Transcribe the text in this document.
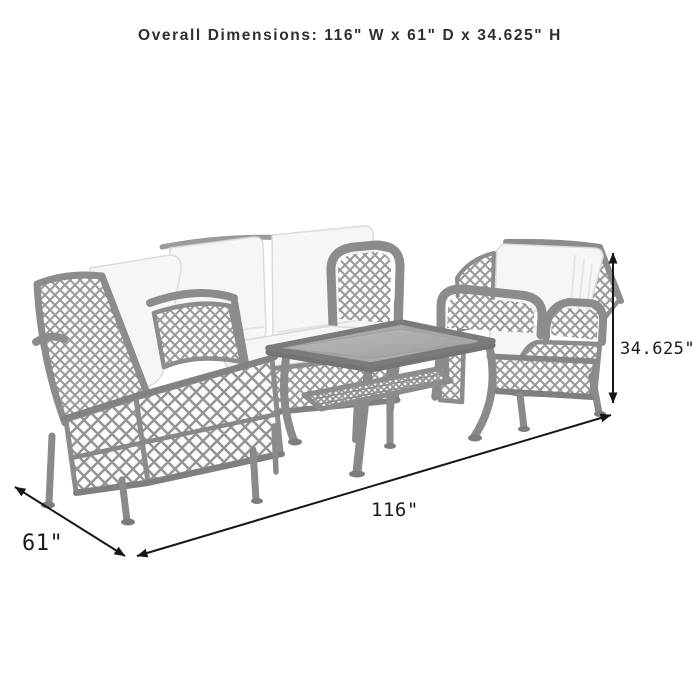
Overall Dimensions: 116" W x 61" D x 34.625" H
34.625"
61"
116"
